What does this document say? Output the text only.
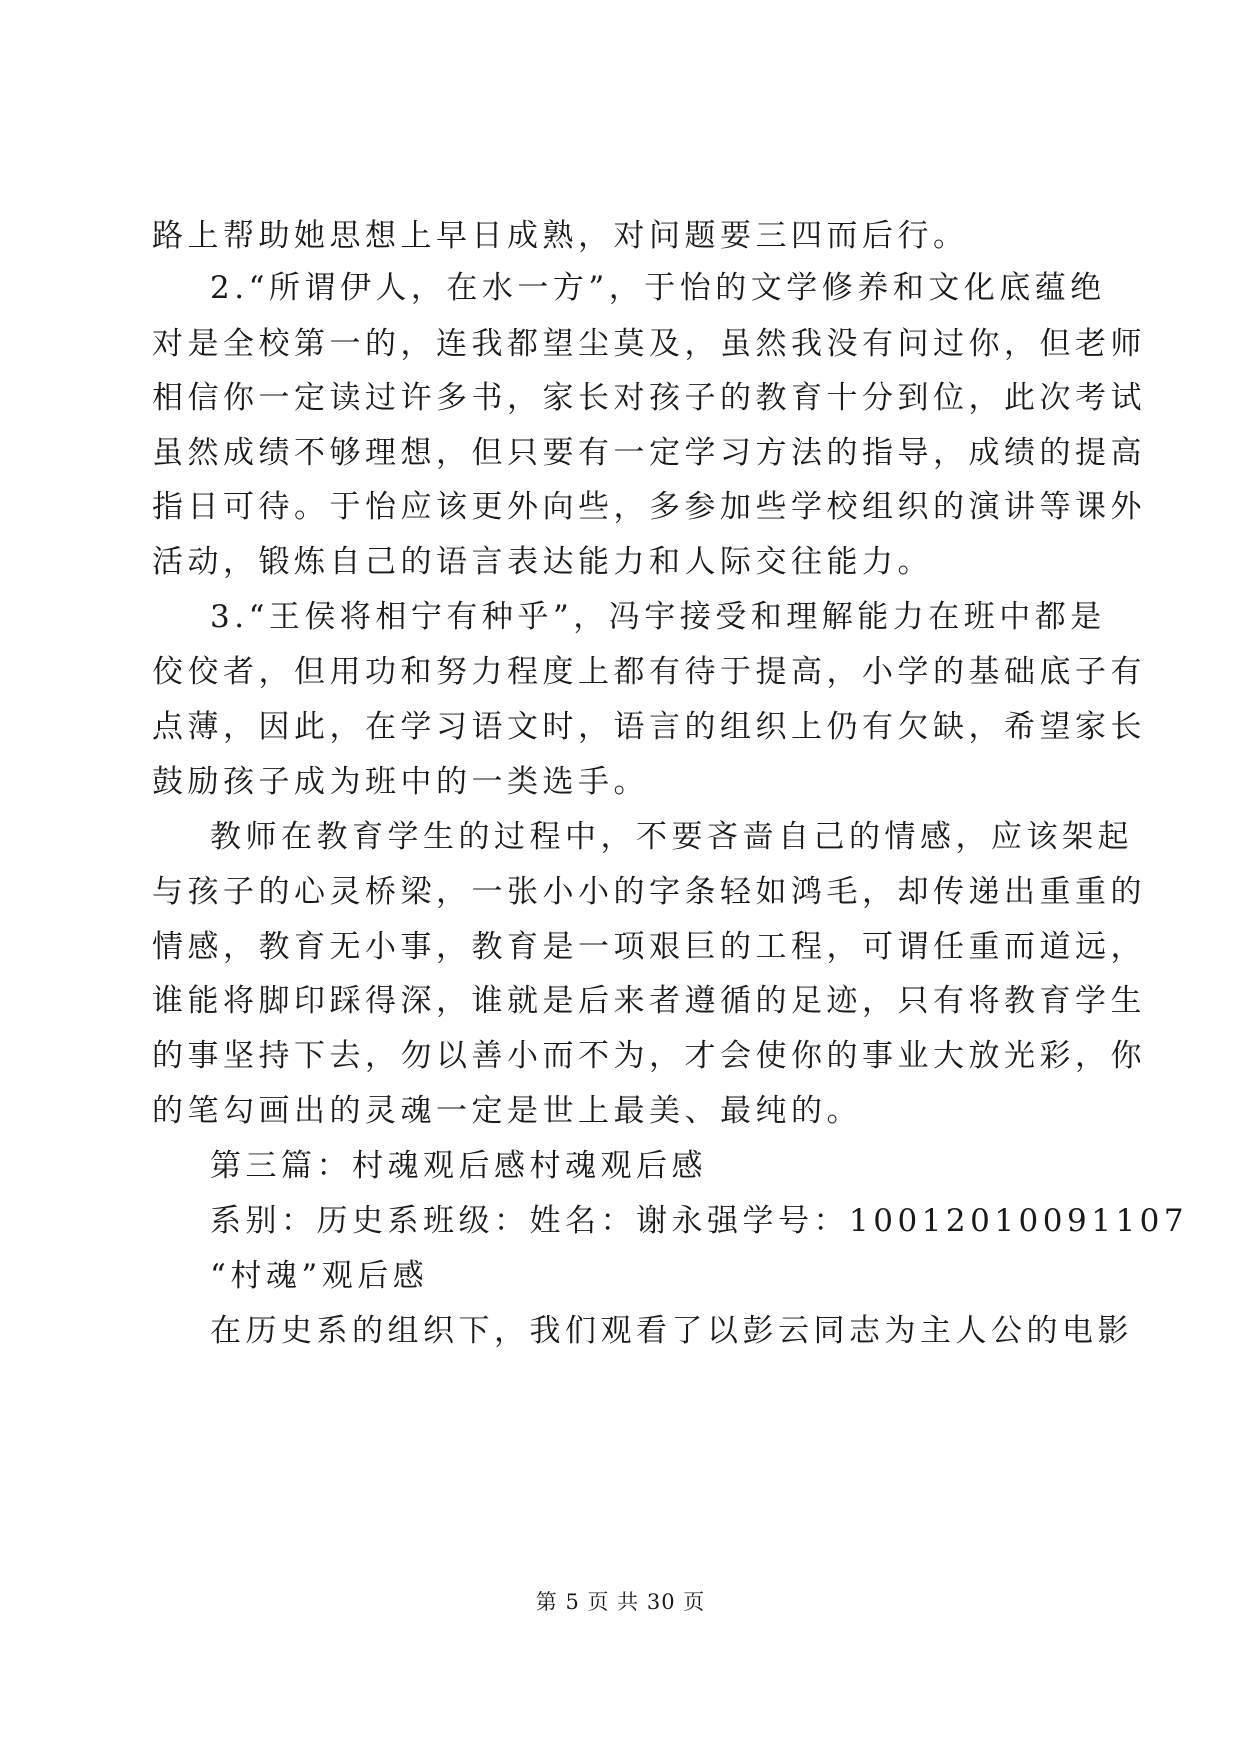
路上帮助她思想上早日成熟，对问题要三四而后行。
2.“所谓伊人，在水一方”，于怡的文学修养和文化底蕴绝
对是全校第一的，连我都望尘莫及，虽然我没有问过你，但老师
相信你一定读过许多书，家长对孩子的教育十分到位，此次考试
虽然成绩不够理想，但只要有一定学习方法的指导，成绩的提高
指日可待。于怡应该更外向些，多参加些学校组织的演讲等课外
活动，锻炼自己的语言表达能力和人际交往能力。
3.“王侯将相宁有种乎”，冯宇接受和理解能力在班中都是
佼佼者，但用功和努力程度上都有待于提高，小学的基础底子有
点薄，因此，在学习语文时，语言的组织上仍有欠缺，希望家长
鼓励孩子成为班中的一类选手。
教师在教育学生的过程中，不要吝啬自己的情感，应该架起
与孩子的心灵桥梁，一张小小的字条轻如鸿毛，却传递出重重的
情感，教育无小事，教育是一项艰巨的工程，可谓任重而道远，
谁能将脚印踩得深，谁就是后来者遵循的足迹，只有将教育学生
的事坚持下去，勿以善小而不为，才会使你的事业大放光彩，你
的笔勾画出的灵魂一定是世上最美、最纯的。
第三篇：村魂观后感村魂观后感
系别：历史系班级：姓名：谢永强学号：10012010091107
“村魂”观后感
在历史系的组织下，我们观看了以彭云同志为主人公的电影
第 5 页 共 30 页
